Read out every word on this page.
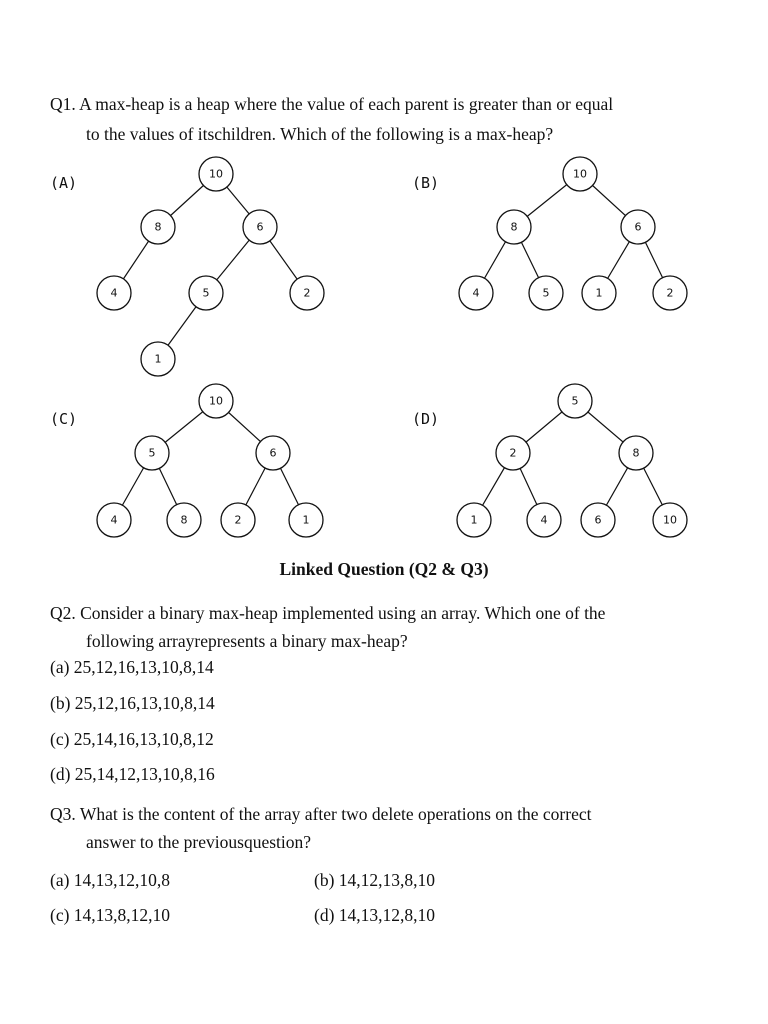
Q1. A max-heap is a heap where the value of each parent is greater than or equal
to the values of itschildren. Which of the following is a max-heap?
(A)	(B)
(C)	(D)
10
8	6
4	5	2
1
10
8	6
4	5	1	2
10
5	6
4	8	2	1
5
2	8
1	4	6	10
Linked Question (Q2 & Q3)
Q2. Consider a binary max-heap implemented using an array. Which one of the
following arrayrepresents a binary max-heap?
(a) 25,12,16,13,10,8,14
(b) 25,12,16,13,10,8,14
(c) 25,14,16,13,10,8,12
(d) 25,14,12,13,10,8,16
Q3. What is the content of the array after two delete operations on the correct
answer to the previousquestion?
(a) 14,13,12,10,8	(b) 14,12,13,8,10
(c) 14,13,8,12,10	(d) 14,13,12,8,10
